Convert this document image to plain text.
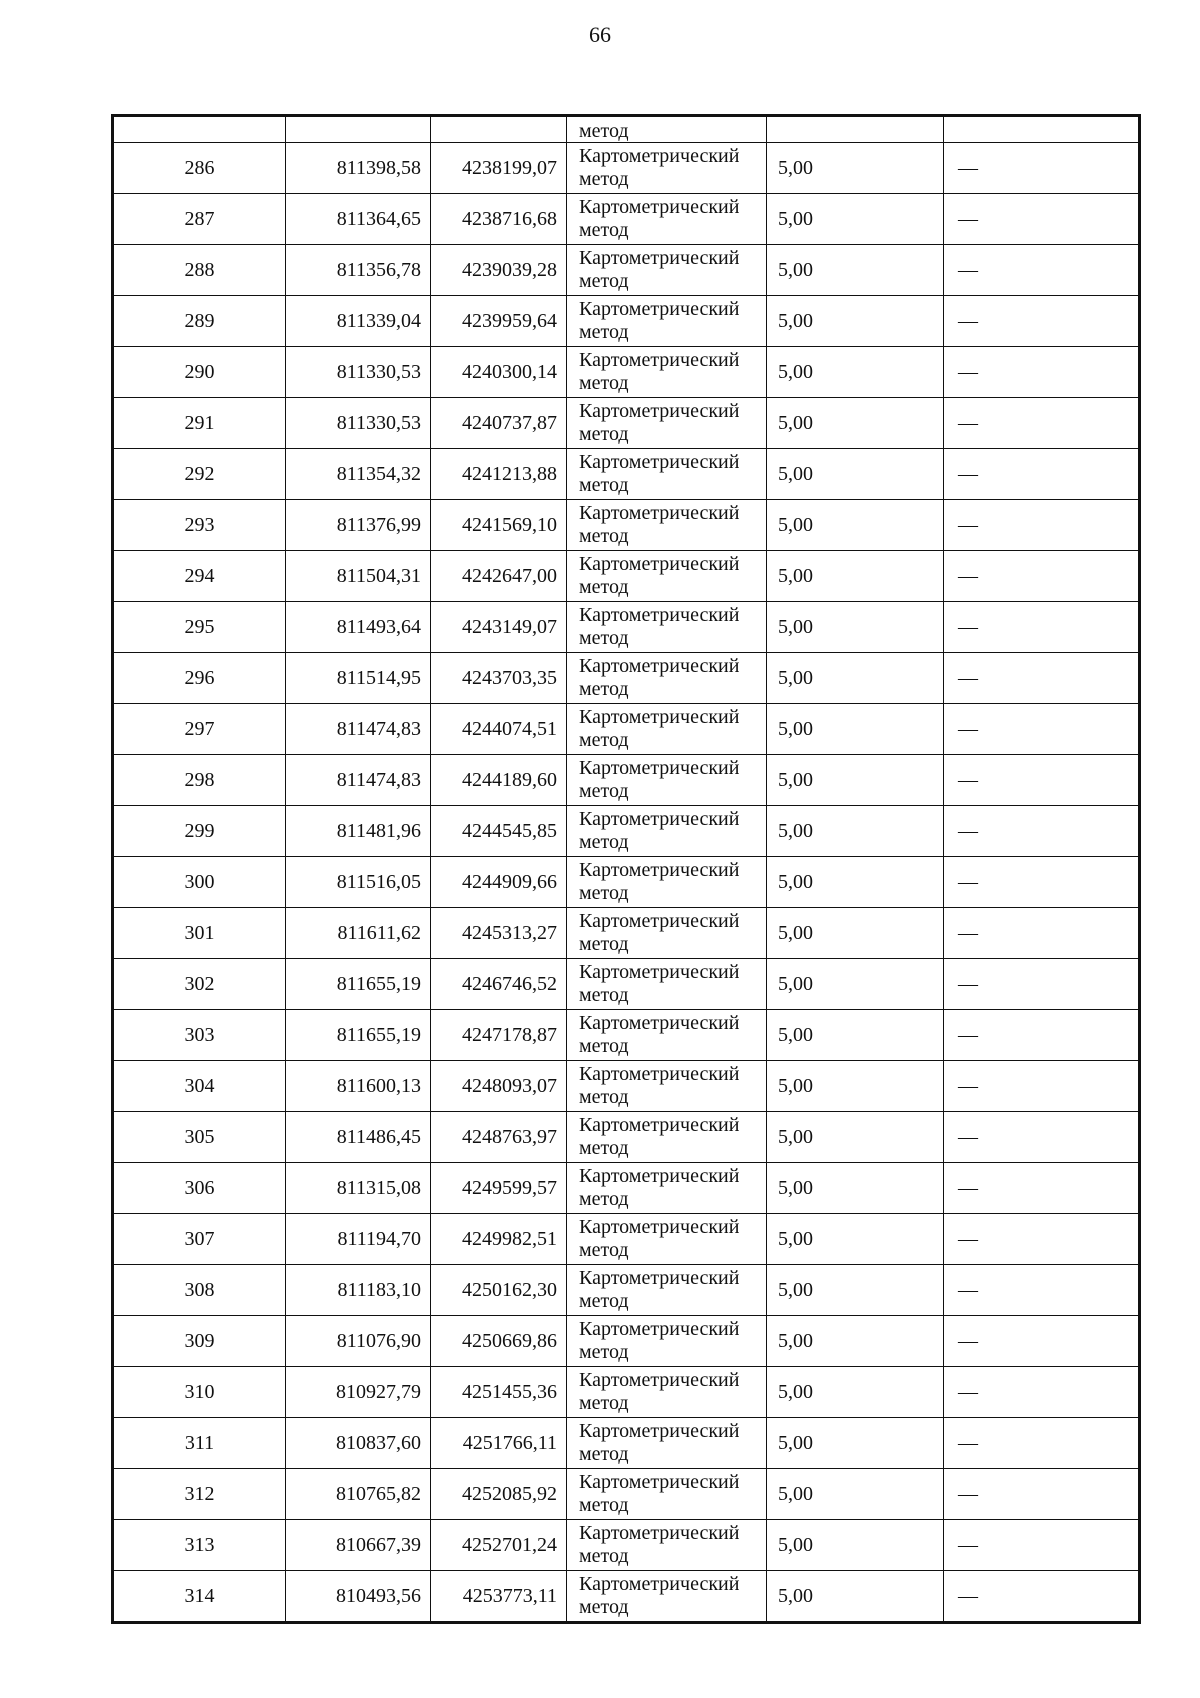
66

			метод		

286	811398,58	4238199,07	Картометрический
метод	5,00	—
287	811364,65	4238716,68	Картометрический
метод	5,00	—
288	811356,78	4239039,28	Картометрический
метод	5,00	—
289	811339,04	4239959,64	Картометрический
метод	5,00	—
290	811330,53	4240300,14	Картометрический
метод	5,00	—
291	811330,53	4240737,87	Картометрический
метод	5,00	—
292	811354,32	4241213,88	Картометрический
метод	5,00	—
293	811376,99	4241569,10	Картометрический
метод	5,00	—
294	811504,31	4242647,00	Картометрический
метод	5,00	—
295	811493,64	4243149,07	Картометрический
метод	5,00	—
296	811514,95	4243703,35	Картометрический
метод	5,00	—
297	811474,83	4244074,51	Картометрический
метод	5,00	—
298	811474,83	4244189,60	Картометрический
метод	5,00	—
299	811481,96	4244545,85	Картометрический
метод	5,00	—
300	811516,05	4244909,66	Картометрический
метод	5,00	—
301	811611,62	4245313,27	Картометрический
метод	5,00	—
302	811655,19	4246746,52	Картометрический
метод	5,00	—
303	811655,19	4247178,87	Картометрический
метод	5,00	—
304	811600,13	4248093,07	Картометрический
метод	5,00	—
305	811486,45	4248763,97	Картометрический
метод	5,00	—
306	811315,08	4249599,57	Картометрический
метод	5,00	—
307	811194,70	4249982,51	Картометрический
метод	5,00	—
308	811183,10	4250162,30	Картометрический
метод	5,00	—
309	811076,90	4250669,86	Картометрический
метод	5,00	—
310	810927,79	4251455,36	Картометрический
метод	5,00	—
311	810837,60	4251766,11	Картометрический
метод	5,00	—
312	810765,82	4252085,92	Картометрический
метод	5,00	—
313	810667,39	4252701,24	Картометрический
метод	5,00	—
314	810493,56	4253773,11	Картометрический
метод	5,00	—
